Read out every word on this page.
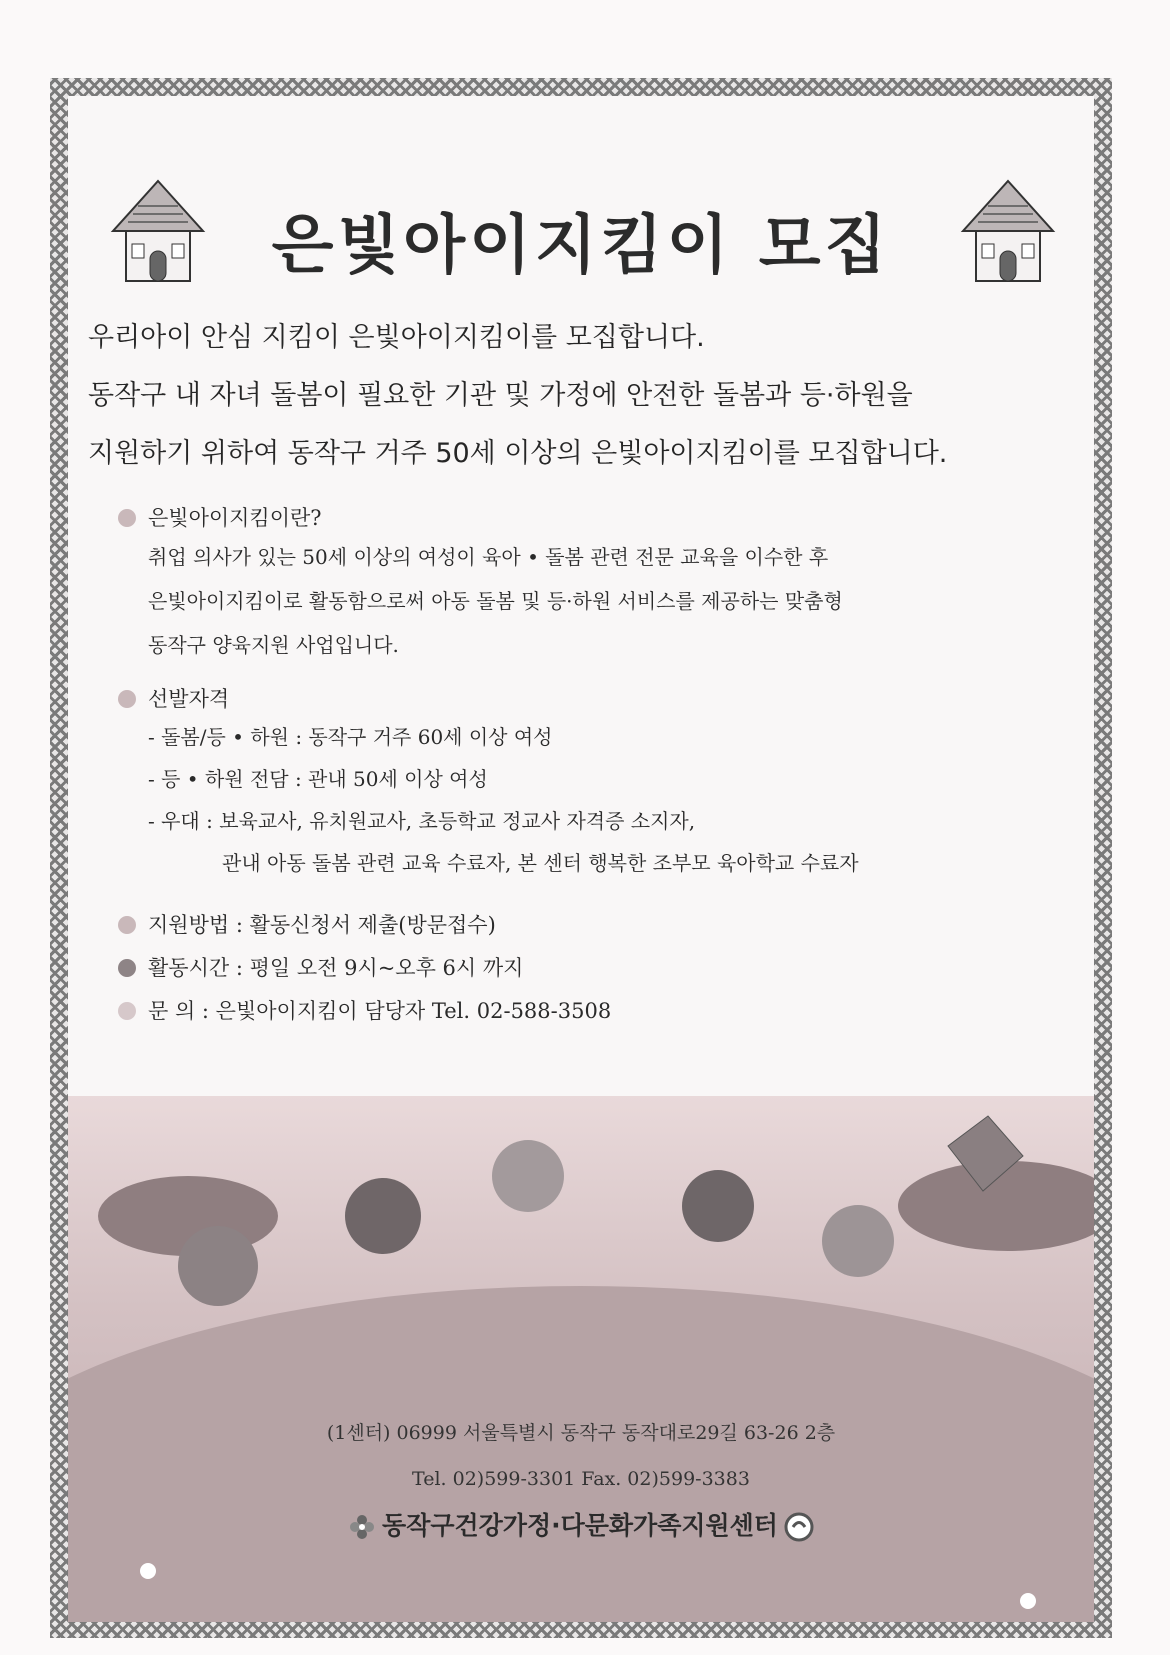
은빛아이지킴이 모집

우리아이 안심 지킴이 은빛아이지킴이를 모집합니다.

동작구 내 자녀 돌봄이 필요한 기관 및 가정에 안전한 돌봄과 등·하원을

지원하기 위하여 동작구 거주 50세 이상의 은빛아이지킴이를 모집합니다.

은빛아이지킴이란?
취업 의사가 있는 50세 이상의 여성이 육아 • 돌봄 관련 전문 교육을 이수한 후
은빛아이지킴이로 활동함으로써 아동 돌봄 및 등·하원 서비스를 제공하는 맞춤형
동작구 양육지원 사업입니다.
선발자격
- 돌봄/등 • 하원 : 동작구 거주 60세 이상 여성
- 등 • 하원 전담 : 관내 50세 이상 여성
- 우대 : 보육교사, 유치원교사, 초등학교 정교사 자격증 소지자,
관내 아동 돌봄 관련 교육 수료자, 본 센터 행복한 조부모 육아학교 수료자
지원방법 : 활동신청서 제출(방문접수)
활동시간 : 평일 오전 9시~오후 6시 까지
문 의 : 은빛아이지킴이 담당자 Tel. 02-588-3508
(1센터) 06999 서울특별시 동작구 동작대로29길 63-26 2층
Tel. 02)599-3301 Fax. 02)599-3383
동작구건강가정·다문화가족지원센터
